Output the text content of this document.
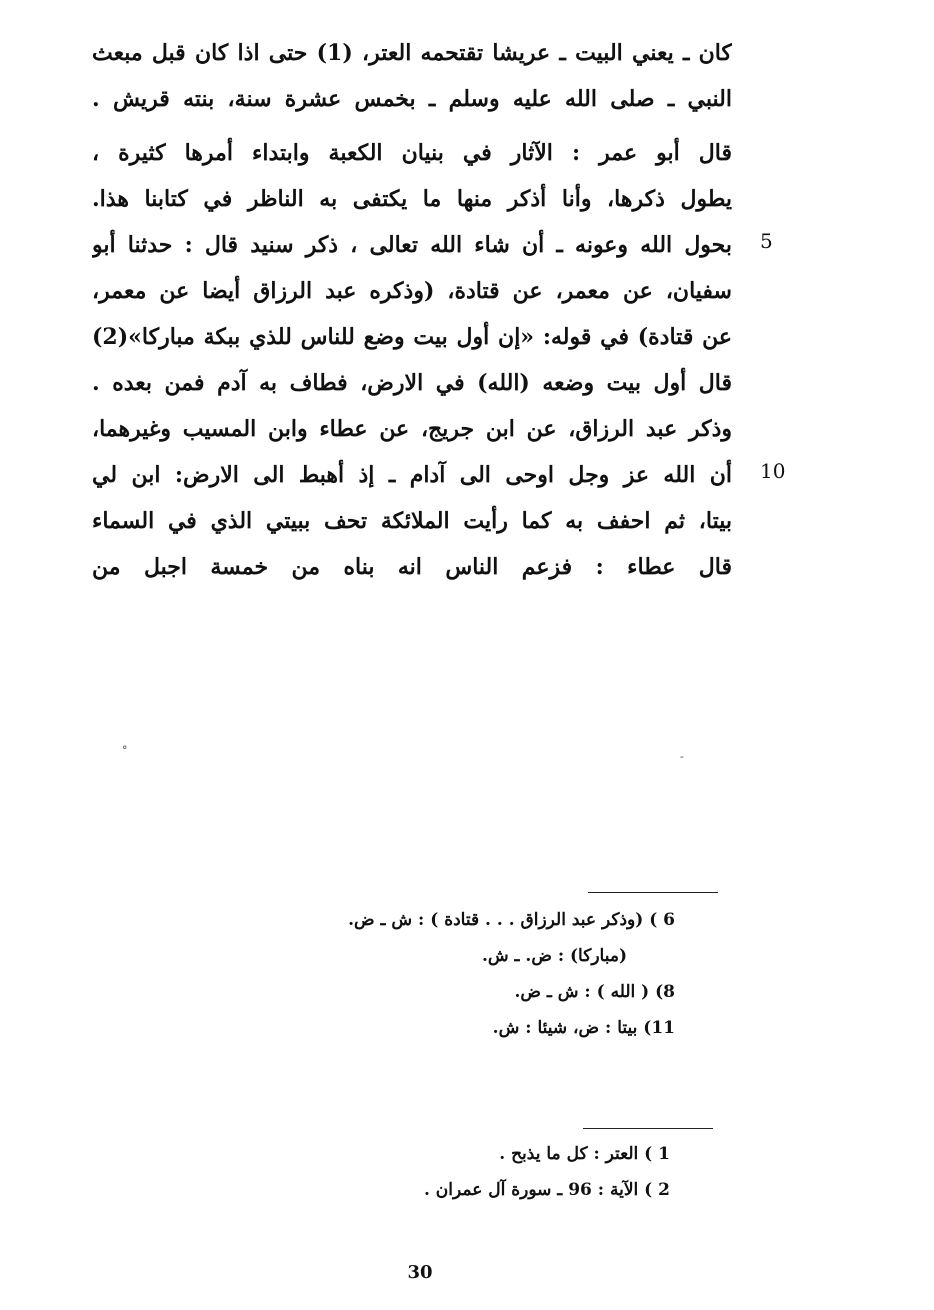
كان ـ يعني البيت ـ عريشا تقتحمه العتر، (1) حتى اذا كان قبل مبعث
النبي ـ صلى الله عليه وسلم ـ بخمس عشرة سنة، بنته قريش .
قال أبو عمر : الآثار في بنيان الكعبة وابتداء أمرها كثيرة ،
يطول ذكرها، وأنا أذكر منها ما يكتفى به الناظر في كتابنا هذا.
بحول الله وعونه ـ أن شاء الله تعالى ، ذكر سنيد قال : حدثنا أبو
سفيان، عن معمر، عن قتادة، (وذكره عبد الرزاق أيضا عن معمر،
عن قتادة) في قوله: «إن أول بيت وضع للناس للذي ببكة مباركا»(2)
قال أول بيت وضعه (الله) في الارض، فطاف به آدم فمن بعده .
وذكر عبد الرزاق، عن ابن جريج، عن عطاء وابن المسيب وغيرهما،
أن الله عز وجل اوحى الى آدام ـ إذ أهبط الى الارض: ابن لي
بيتا، ثم احفف به كما رأيت الملائكة تحف ببيتي الذي في السماء
قال عطاء : فزعم الناس انه بناه من خمسة اجبل من
5
10
°	-
6 ) (وذكر عبد الرزاق . . . قتادة ) : ش ـ ض.
(مباركا) : ض. ـ ش.
8) ( الله ) : ش ـ ض.
11) بيتا : ض، شيئا : ش.
1 ) العتر : كل ما يذبح .
2 ) الآية : 96 ـ سورة آل عمران .
30
